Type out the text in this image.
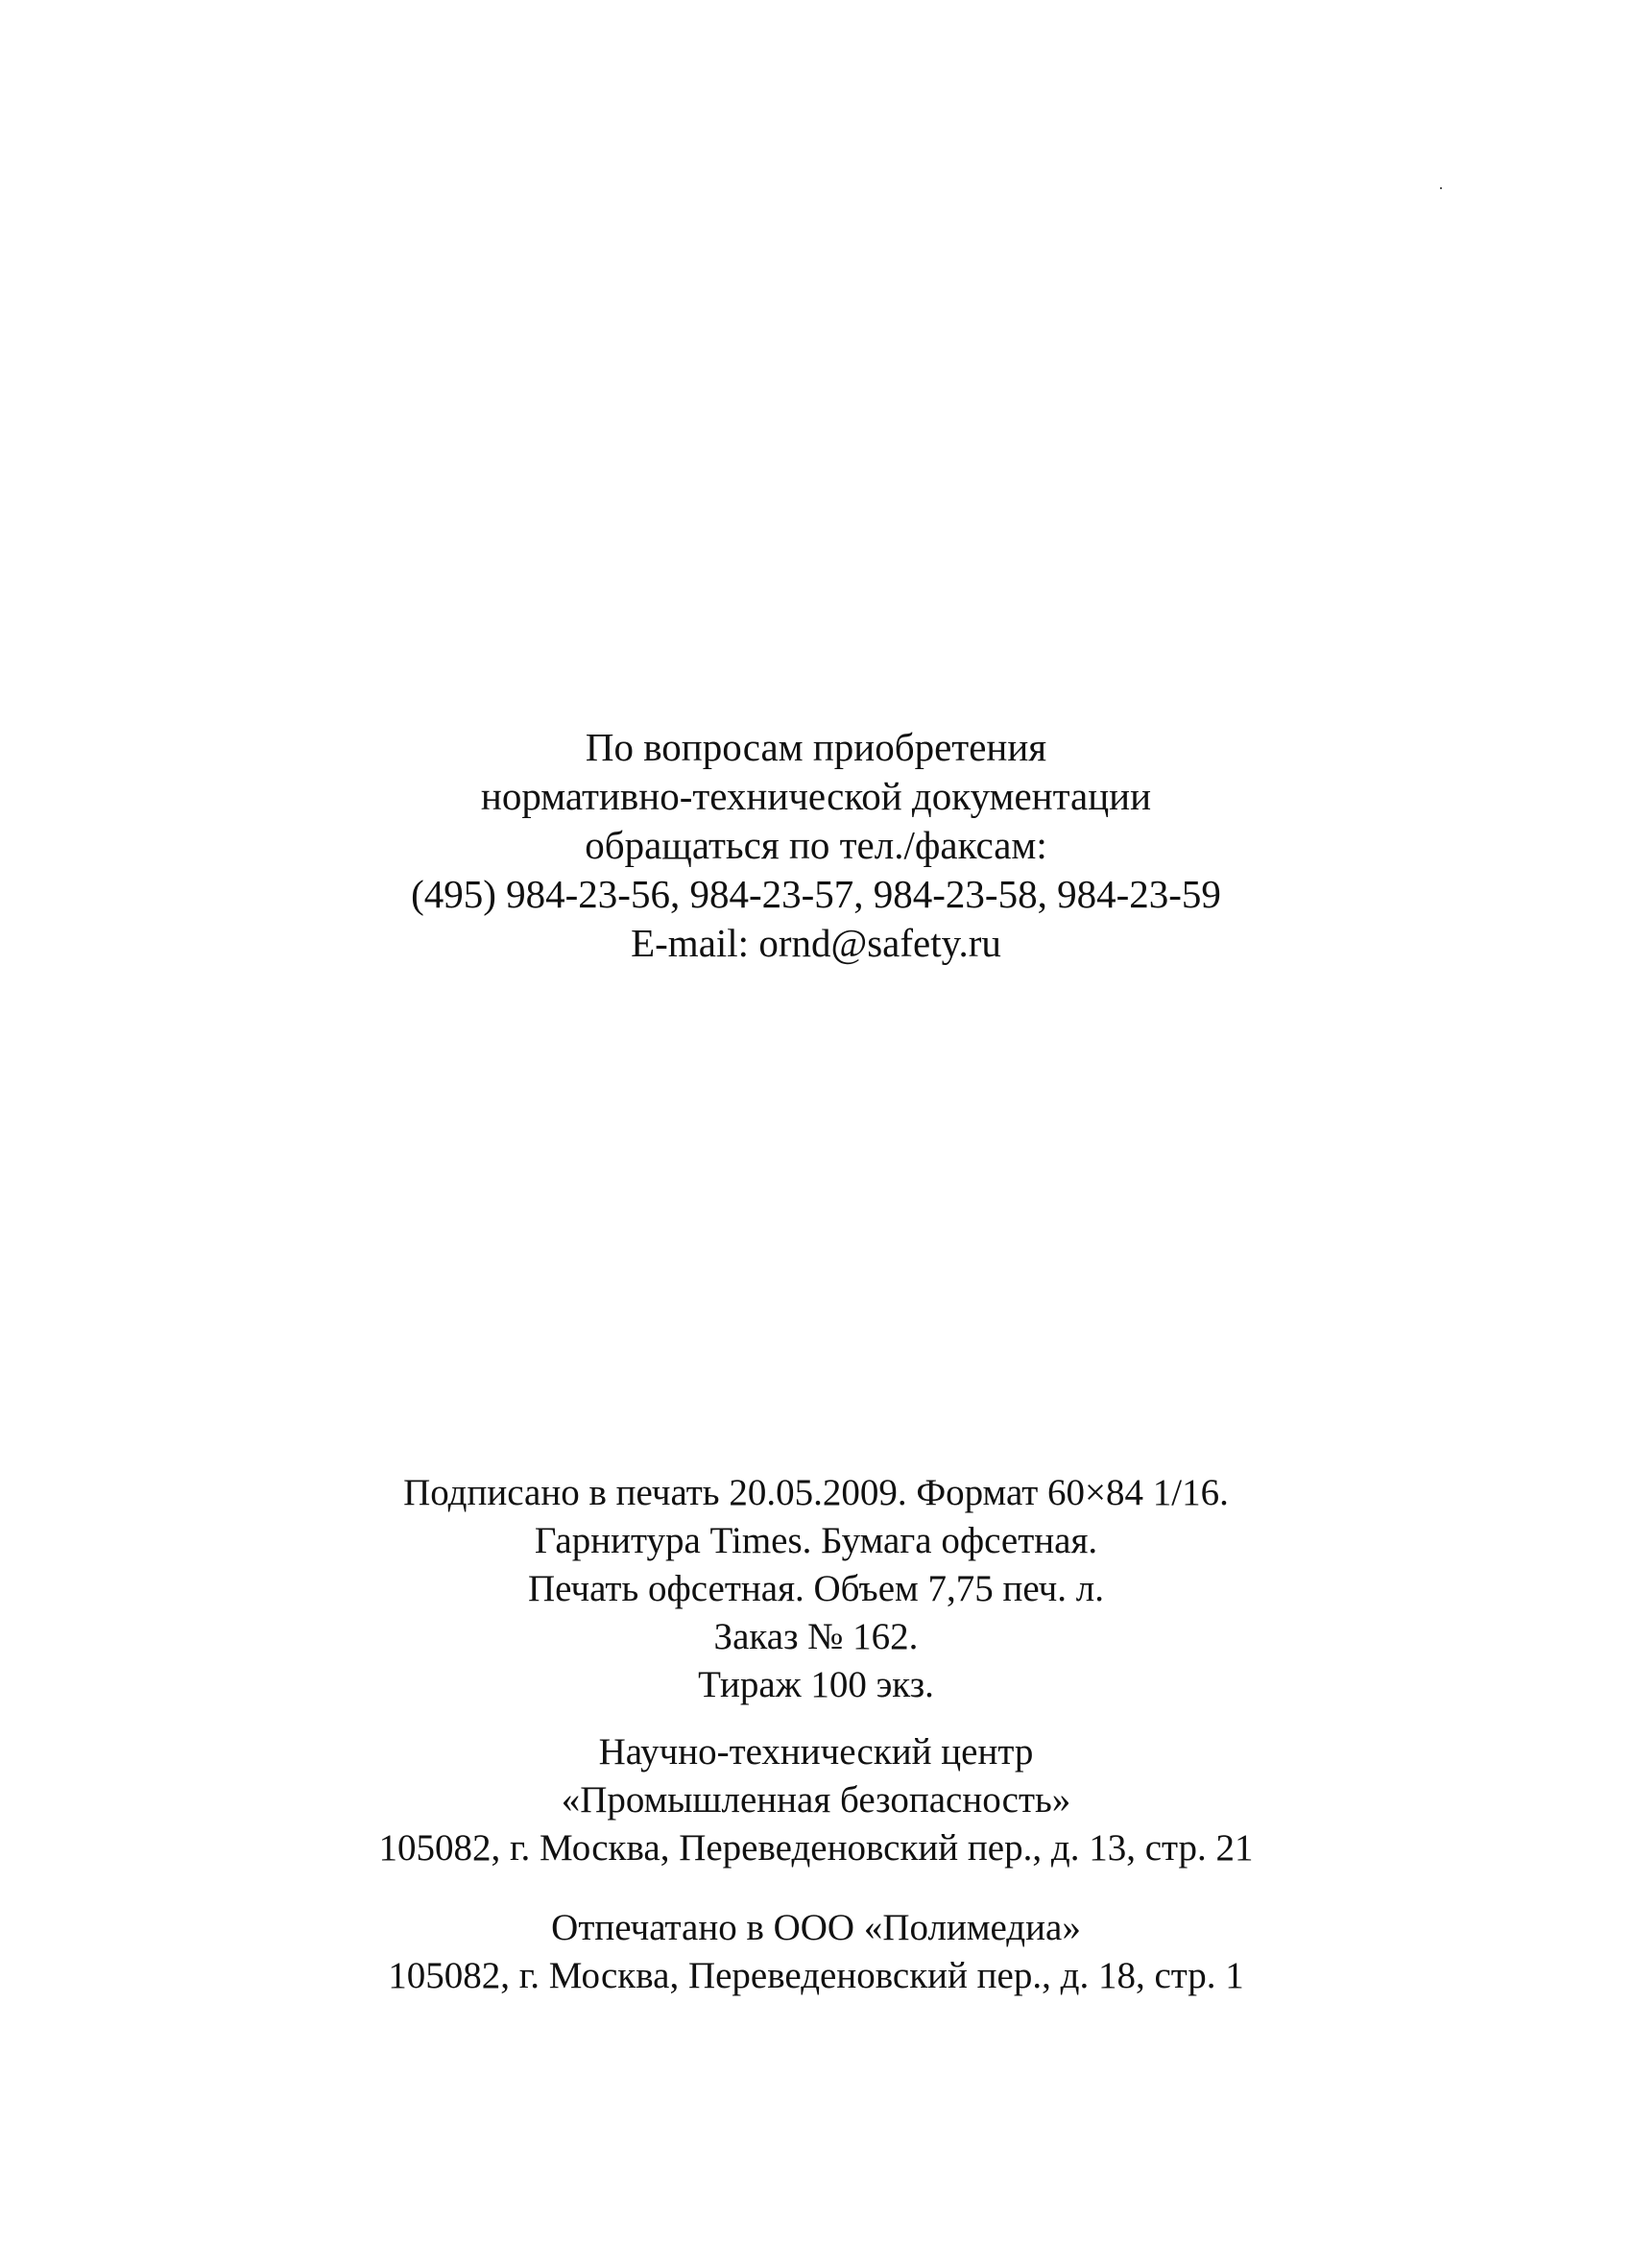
По вопросам приобретения
нормативно-технической документации
обращаться по тел./факсам:
(495) 984-23-56, 984-23-57, 984-23-58, 984-23-59
E-mail: ornd@safety.ru
Подписано в печать 20.05.2009. Формат 60×84 1/16.
Гарнитура Times. Бумага офсетная.
Печать офсетная. Объем 7,75 печ. л.
Заказ № 162.
Тираж 100 экз.
Научно-технический центр
«Промышленная безопасность»
105082, г. Москва, Переведеновский пер., д. 13, стр. 21
Отпечатано в ООО «Полимедиа»
105082, г. Москва, Переведеновский пер., д. 18, стр. 1
